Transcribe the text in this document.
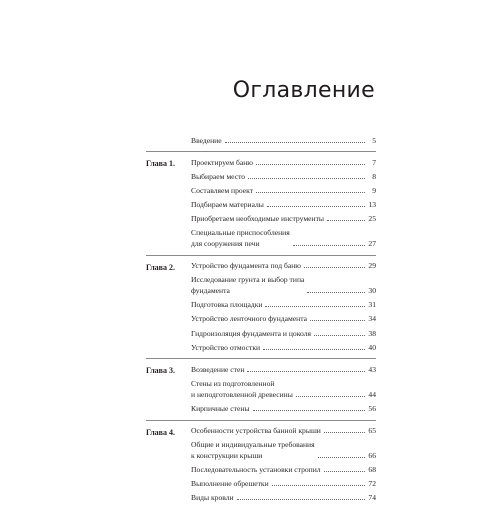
Оглавление
Введение	5
Глава 1. Проектируем баню	7
Выбираем место	8
Составляем проект	9
Подбираем материалы	13
Приобретаем необходимые инструменты	25
Специальные приспособления
для сооружения печи	27
Глава 2. Устройство фундамента под баню	29
Исследование грунта и выбор типа
фундамента	30
Подготовка площадки	31
Устройство ленточного фундамента	34
Гидроизоляция фундамента и цоколя	38
Устройство отмостки	40
Глава 3. Возведение стен	43
Стены из подготовленной
и неподготовленной древесины	44
Кирпичные стены	56
Глава 4. Особенности устройства банной крыши	65
Общие и индивидуальные требования
к конструкции крыши	66
Последовательность установки стропил	68
Выполнение обрешетки	72
Виды кровли	74
